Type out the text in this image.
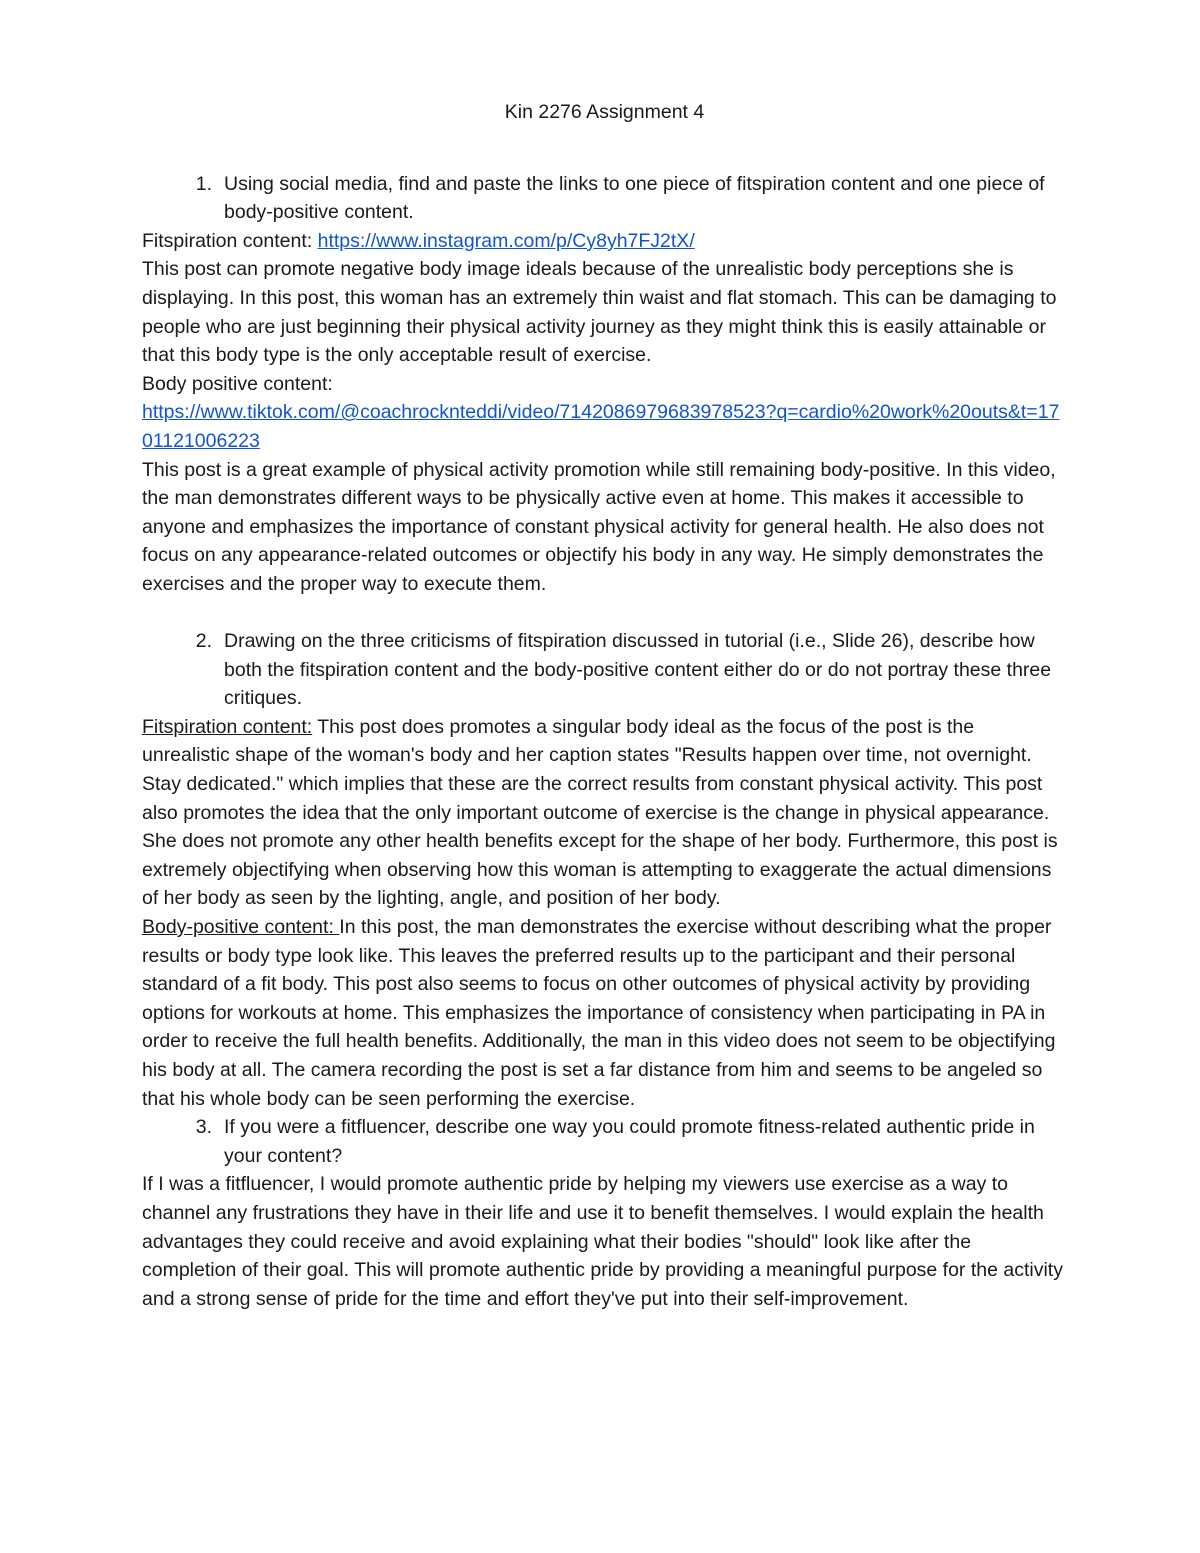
Kin 2276 Assignment 4
1. Using social media, find and paste the links to one piece of fitspiration content and one piece of body-positive content.

Fitspiration content: https://www.instagram.com/p/Cy8yh7FJ2tX/

This post can promote negative body image ideals because of the unrealistic body perceptions she is displaying. In this post, this woman has an extremely thin waist and flat stomach. This can be damaging to people who are just beginning their physical activity journey as they might think this is easily attainable or that this body type is the only acceptable result of exercise.

Body positive content:

https://www.tiktok.com/@coachrocknteddi/video/7142086979683978523?q=cardio%20work%20outs&t=1701121006223

This post is a great example of physical activity promotion while still remaining body-positive. In this video, the man demonstrates different ways to be physically active even at home. This makes it accessible to anyone and emphasizes the importance of constant physical activity for general health. He also does not focus on any appearance-related outcomes or objectify his body in any way. He simply demonstrates the exercises and the proper way to execute them.

2. Drawing on the three criticisms of fitspiration discussed in tutorial (i.e., Slide 26), describe how both the fitspiration content and the body-positive content either do or do not portray these three critiques.

Fitspiration content: This post does promotes a singular body ideal as the focus of the post is the unrealistic shape of the woman's body and her caption states "Results happen over time, not overnight. Stay dedicated." which implies that these are the correct results from constant physical activity. This post also promotes the idea that the only important outcome of exercise is the change in physical appearance. She does not promote any other health benefits except for the shape of her body. Furthermore, this post is extremely objectifying when observing how this woman is attempting to exaggerate the actual dimensions of her body as seen by the lighting, angle, and position of her body.

Body-positive content: In this post, the man demonstrates the exercise without describing what the proper results or body type look like. This leaves the preferred results up to the participant and their personal standard of a fit body. This post also seems to focus on other outcomes of physical activity by providing options for workouts at home. This emphasizes the importance of consistency when participating in PA in order to receive the full health benefits. Additionally, the man in this video does not seem to be objectifying his body at all. The camera recording the post is set a far distance from him and seems to be angeled so that his whole body can be seen performing the exercise.

3. If you were a fitfluencer, describe one way you could promote fitness-related authentic pride in your content?

If I was a fitfluencer, I would promote authentic pride by helping my viewers use exercise as a way to channel any frustrations they have in their life and use it to benefit themselves. I would explain the health advantages they could receive and avoid explaining what their bodies "should" look like after the completion of their goal. This will promote authentic pride by providing a meaningful purpose for the activity and a strong sense of pride for the time and effort they've put into their self-improvement.
